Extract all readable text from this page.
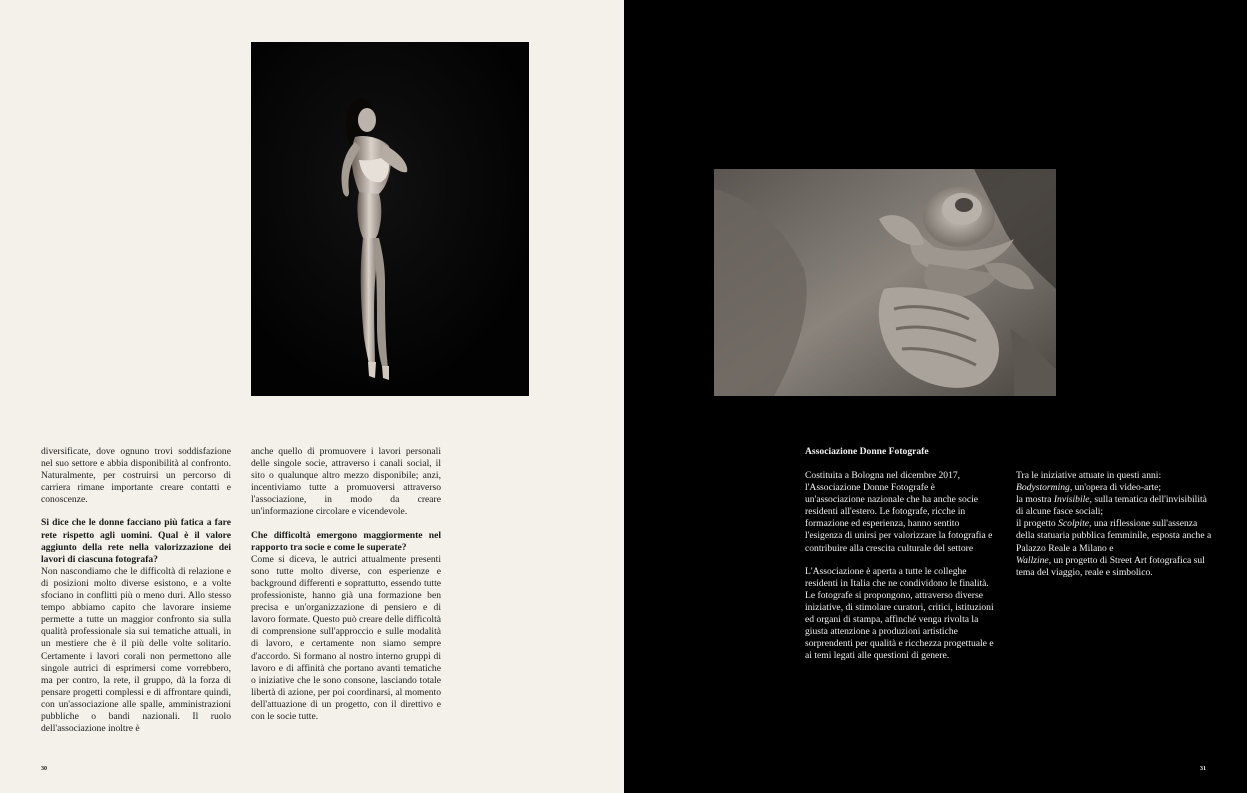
diversificate, dove ognuno trovi soddisfazione nel suo settore e abbia disponibilità al confronto. Naturalmente, per costruirsi un percorso di carriera rimane importante creare contatti e conoscenze.

Si dice che le donne facciano più fatica a fare rete rispetto agli uomini. Qual è il valore aggiunto della rete nella valorizzazione dei lavori di ciascuna fotografa?

Non nascondiamo che le difficoltà di relazione e di posizioni molto diverse esistono, e a volte sfociano in conflitti più o meno duri. Allo stesso tempo abbiamo capito che lavorare insieme permette a tutte un maggior confronto sia sulla qualità professionale sia sui tematiche attuali, in un mestiere che è il più delle volte solitario. Certamente i lavori corali non permettono alle singole autrici di esprimersi come vorrebbero, ma per contro, la rete, il gruppo, dà la forza di pensare progetti complessi e di affrontare quindi, con un'associazione alle spalle, amministrazioni pubbliche o bandi nazionali. Il ruolo dell'associazione inoltre è

anche quello di promuovere i lavori personali delle singole socie, attraverso i canali social, il sito o qualunque altro mezzo disponibile; anzi, incentiviamo tutte a promuoversi attraverso l'associazione, in modo da creare un'informazione circolare e vicendevole.

Che difficoltà emergono maggiormente nel rapporto tra socie e come le superate?

Come si diceva, le autrici attualmente presenti sono tutte molto diverse, con esperienze e background differenti e soprattutto, essendo tutte professioniste, hanno già una formazione ben precisa e un'organizzazione di pensiero e di lavoro formate. Questo può creare delle difficoltà di comprensione sull'approccio e sulle modalità di lavoro, e certamente non siamo sempre d'accordo. Si formano al nostro interno gruppi di lavoro e di affinità che portano avanti tematiche o iniziative che le sono consone, lasciando totale libertà di azione, per poi coordinarsi, al momento dell'attuazione di un progetto, con il direttivo e con le socie tutte.

30
Associazione Donne Fotografe

Costituita a Bologna nel dicembre 2017, l'Associazione Donne Fotografe è un'associazione nazionale che ha anche socie residenti all'estero. Le fotografe, ricche in formazione ed esperienza, hanno sentito l'esigenza di unirsi per valorizzare la fotografia e contribuire alla crescita culturale del settore

L'Associazione è aperta a tutte le colleghe residenti in Italia che ne condividono le finalità. Le fotografe si propongono, attraverso diverse iniziative, di stimolare curatori, critici, istituzioni ed organi di stampa, affinché venga rivolta la giusta attenzione a produzioni artistiche sorprendenti per qualità e ricchezza progettuale e ai temi legati alle questioni di genere.

Tra le iniziative attuate in questi anni:
Bodystorming, un'opera di video-arte;
la mostra Invisibile, sulla tematica dell'invisibilità di alcune fasce sociali;
il progetto Scolpite, una riflessione sull'assenza della statuaria pubblica femminile, esposta anche a Palazzo Reale a Milano e
Wallzine, un progetto di Street Art fotografica sul tema del viaggio, reale e simbolico.

31
